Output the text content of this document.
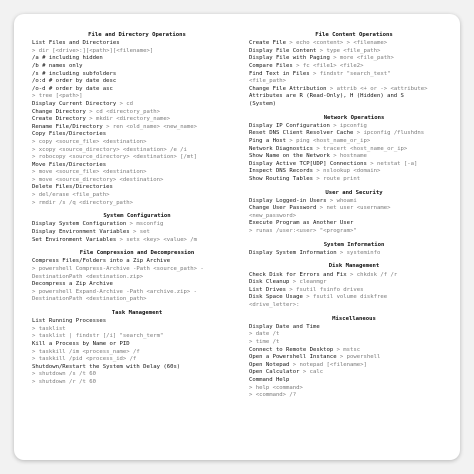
File and Directory Operations
List Files and Directories
> dir [<drive>:][<path>][<filename>]
/a # including hidden
/b # names only
/s # including subfolders
/o:d # order by date desc
/o-d # order by date asc
> tree [<path>]
Display Current Directory > cd
Change Directory > cd <directory_path>
Create Directory > mkdir <directory_name>
Rename File/Directory > ren <old_name> <new_name>
Copy Files/Directories
> copy <source_file> <destination>
> xcopy <source_directory> <destination> /e /i
> robocopy <source_directory> <destination> [/mt]
Move Files/Directories
> move <source_file> <destination>
> move <source_directory> <destination>
Delete Files/Directories
> del/erase <file_path>
> rmdir /s /q <directory_path>
System Configuration
Display System Configuration > msconfig
Display Environment Variables > set
Set Environment Variables > setx <key> <value> /m
File Compression and Decompression
Compress Files/Folders into a Zip Archive
> powershell Compress-Archive -Path <source_path> -
DestinationPath <destination.zip>
Decompress a Zip Archive
> powershell Expand-Archive -Path <archive.zip> -
DestinationPath <destination_path>
Task Management
List Running Processes
> tasklist
> tasklist | findstr [/i] "search_term"
Kill a Process by Name or PID
> taskkill /im <process_name> /f
> taskkill /pid <process_id> /f
Shutdown/Restart the System with Delay (60s)
> shutdown /s /t 60
> shutdown /r /t 60
File Content Operations
Create File > echo <content> > <filename>
Display File Content > type <file_path>
Display File with Paging > more <file_path>
Compare Files > fc <file1> <file2>
Find Text in Files > findstr "search_text"
<file_path>
Change File Attribution > attrib <+ or -> <attribute>
Attributes are R (Read-Only), H (Hidden) and S
(System)
Network Operations
Display IP Configuration > ipconfig
Reset DNS Client Resolver Cache > ipconfig /flushdns
Ping a Host > ping <host_name_or_ip>
Network Diagnostics > tracert <host_name_or_ip>
Show Name on the Network > hostname
Display Active TCP[UDP] Connections > netstat [-a]
Inspect DNS Records > nslookup <domain>
Show Routing Tables > route print
User and Security
Display Logged-in Users > whoami
Change User Password > net user <username>
<new_password>
Execute Program as Another User
> runas /user:<user> "<program>"
System Information
Display System Information > systeminfo
Disk Management
Check Disk for Errors and Fix > chkdsk /f /r
Disk Cleanup > cleanmgr
List Drives > fsutil fsinfo drives
Disk Space Usage > fsutil volume diskfree
<drive_letter>:
Miscellaneous
Display Date and Time
> date /t
> time /t
Connect to Remote Desktop > mstsc
Open a Powershell Instance > powershell
Open Notepad > notepad [<filename>]
Open Calculator > calc
Command Help
> help <command>
> <command> /?
